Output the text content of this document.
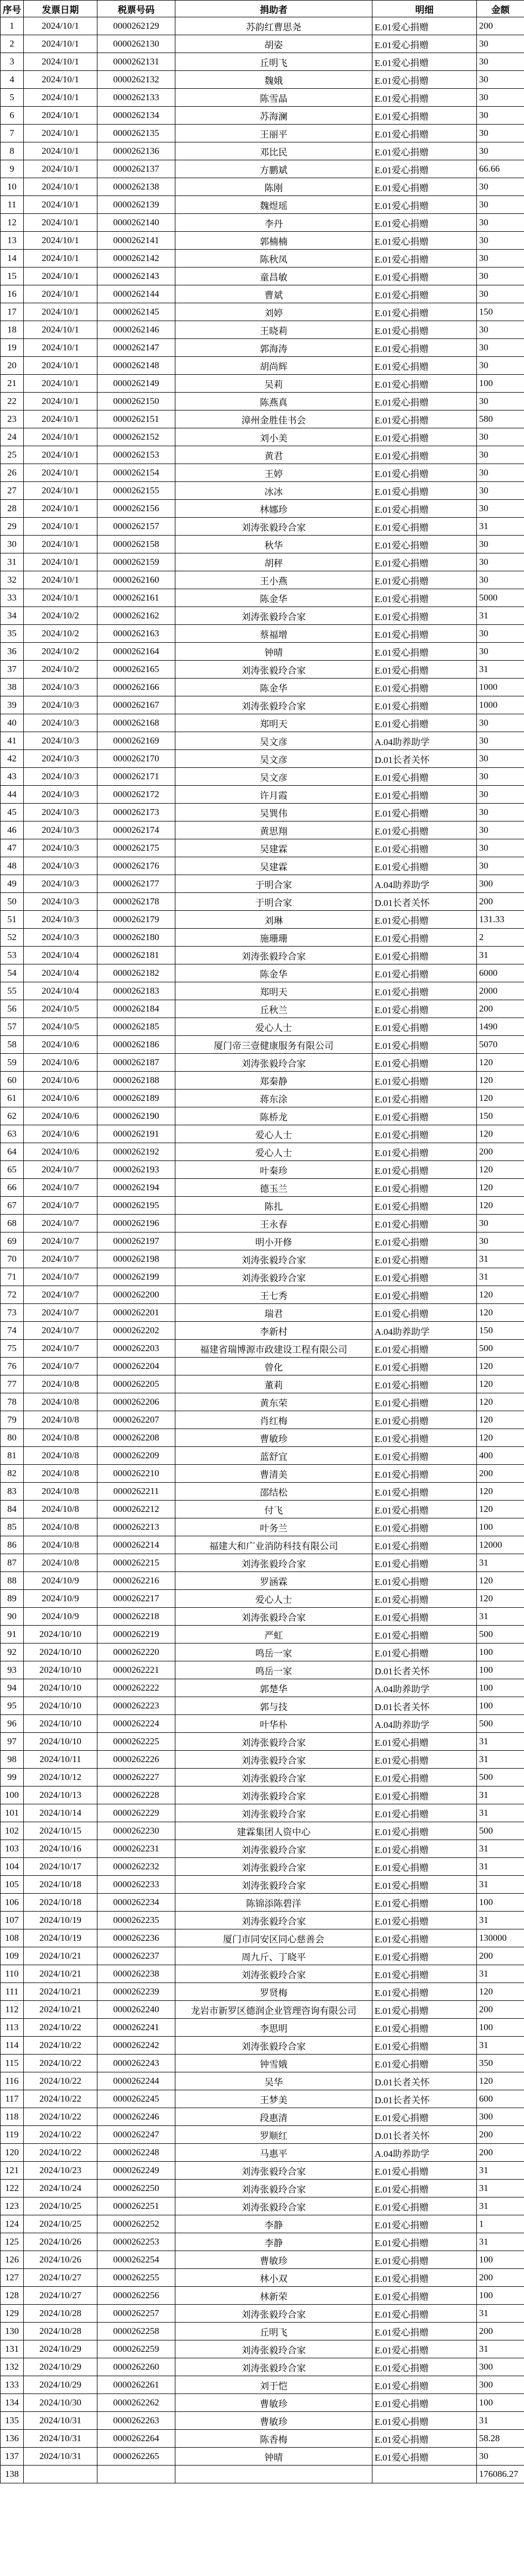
序号	发票日期	税票号码	捐助者	明细	金额
1	2024/10/1	0000262129	苏韵红曹思尧	E.01爱心捐赠	200
2	2024/10/1	0000262130	胡姿	E.01爱心捐赠	30
3	2024/10/1	0000262131	丘明飞	E.01爱心捐赠	30
4	2024/10/1	0000262132	魏娥	E.01爱心捐赠	30
5	2024/10/1	0000262133	陈雪晶	E.01爱心捐赠	30
6	2024/10/1	0000262134	苏海澜	E.01爱心捐赠	30
7	2024/10/1	0000262135	王丽平	E.01爱心捐赠	30
8	2024/10/1	0000262136	邓比民	E.01爱心捐赠	30
9	2024/10/1	0000262137	方鹏斌	E.01爱心捐赠	66.66
10	2024/10/1	0000262138	陈刚	E.01爱心捐赠	30
11	2024/10/1	0000262139	魏煜瑶	E.01爱心捐赠	30
12	2024/10/1	0000262140	李丹	E.01爱心捐赠	30
13	2024/10/1	0000262141	郭楠楠	E.01爱心捐赠	30
14	2024/10/1	0000262142	陈秋凤	E.01爱心捐赠	30
15	2024/10/1	0000262143	童昌敏	E.01爱心捐赠	30
16	2024/10/1	0000262144	曹斌	E.01爱心捐赠	30
17	2024/10/1	0000262145	刘婷	E.01爱心捐赠	150
18	2024/10/1	0000262146	王晓莉	E.01爱心捐赠	30
19	2024/10/1	0000262147	郭海涛	E.01爱心捐赠	30
20	2024/10/1	0000262148	胡尚辉	E.01爱心捐赠	30
21	2024/10/1	0000262149	吴莉	E.01爱心捐赠	100
22	2024/10/1	0000262150	陈燕真	E.01爱心捐赠	30
23	2024/10/1	0000262151	漳州金胜佳书会	E.01爱心捐赠	580
24	2024/10/1	0000262152	刘小美	E.01爱心捐赠	30
25	2024/10/1	0000262153	黄君	E.01爱心捐赠	30
26	2024/10/1	0000262154	王婷	E.01爱心捐赠	30
27	2024/10/1	0000262155	冰冰	E.01爱心捐赠	30
28	2024/10/1	0000262156	林娜珍	E.01爱心捐赠	30
29	2024/10/1	0000262157	刘涛张毅玲合家	E.01爱心捐赠	31
30	2024/10/1	0000262158	秋华	E.01爱心捐赠	30
31	2024/10/1	0000262159	胡秤	E.01爱心捐赠	30
32	2024/10/1	0000262160	王小燕	E.01爱心捐赠	30
33	2024/10/1	0000262161	陈金华	E.01爱心捐赠	5000
34	2024/10/2	0000262162	刘涛张毅玲合家	E.01爱心捐赠	31
35	2024/10/2	0000262163	蔡福增	E.01爱心捐赠	30
36	2024/10/2	0000262164	钟晴	E.01爱心捐赠	30
37	2024/10/2	0000262165	刘涛张毅玲合家	E.01爱心捐赠	31
38	2024/10/3	0000262166	陈金华	E.01爱心捐赠	1000
39	2024/10/3	0000262167	刘涛张毅玲合家	E.01爱心捐赠	1000
40	2024/10/3	0000262168	郑明天	E.01爱心捐赠	30
41	2024/10/3	0000262169	吴文彦	A.04助养助学	30
42	2024/10/3	0000262170	吴文彦	D.01长者关怀	30
43	2024/10/3	0000262171	吴文彦	E.01爱心捐赠	30
44	2024/10/3	0000262172	许月霞	E.01爱心捐赠	30
45	2024/10/3	0000262173	吴巽伟	E.01爱心捐赠	30
46	2024/10/3	0000262174	黄思翔	E.01爱心捐赠	30
47	2024/10/3	0000262175	吴建霖	E.01爱心捐赠	30
48	2024/10/3	0000262176	吴建霖	E.01爱心捐赠	30
49	2024/10/3	0000262177	于明合家	A.04助养助学	300
50	2024/10/3	0000262178	于明合家	D.01长者关怀	200
51	2024/10/3	0000262179	刘琳	E.01爱心捐赠	131.33
52	2024/10/3	0000262180	施珊珊	E.01爱心捐赠	2
53	2024/10/4	0000262181	刘涛张毅玲合家	E.01爱心捐赠	31
54	2024/10/4	0000262182	陈金华	E.01爱心捐赠	6000
55	2024/10/4	0000262183	郑明天	E.01爱心捐赠	2000
56	2024/10/5	0000262184	丘秋兰	E.01爱心捐赠	200
57	2024/10/5	0000262185	爱心人士	E.01爱心捐赠	1490
58	2024/10/6	0000262186	厦门帝三壹健康服务有限公司	E.01爱心捐赠	5070
59	2024/10/6	0000262187	刘涛张毅玲合家	E.01爱心捐赠	120
60	2024/10/6	0000262188	郑秦静	E.01爱心捐赠	120
61	2024/10/6	0000262189	蒋东涂	E.01爱心捐赠	120
62	2024/10/6	0000262190	陈桥龙	E.01爱心捐赠	150
63	2024/10/6	0000262191	爱心人士	E.01爱心捐赠	120
64	2024/10/6	0000262192	爱心人士	E.01爱心捐赠	200
65	2024/10/7	0000262193	叶秦珍	E.01爱心捐赠	120
66	2024/10/7	0000262194	德玉兰	E.01爱心捐赠	120
67	2024/10/7	0000262195	陈扎	E.01爱心捐赠	120
68	2024/10/7	0000262196	王永春	E.01爱心捐赠	30
69	2024/10/7	0000262197	明小开修	E.01爱心捐赠	30
70	2024/10/7	0000262198	刘涛张毅玲合家	E.01爱心捐赠	31
71	2024/10/7	0000262199	刘涛张毅玲合家	E.01爱心捐赠	31
72	2024/10/7	0000262200	王七秀	E.01爱心捐赠	120
73	2024/10/7	0000262201	瑞君	E.01爱心捐赠	120
74	2024/10/7	0000262202	李新村	A.04助养助学	150
75	2024/10/7	0000262203	福建省瑞博源市政建设工程有限公司	E.01爱心捐赠	500
76	2024/10/7	0000262204	曾化	E.01爱心捐赠	120
77	2024/10/8	0000262205	董莉	E.01爱心捐赠	120
78	2024/10/8	0000262206	黄东荣	E.01爱心捐赠	120
79	2024/10/8	0000262207	肖红梅	E.01爱心捐赠	120
80	2024/10/8	0000262208	曹敏珍	E.01爱心捐赠	120
81	2024/10/8	0000262209	蓝舒宜	E.01爱心捐赠	400
82	2024/10/8	0000262210	曹清美	E.01爱心捐赠	200
83	2024/10/8	0000262211	邵结松	E.01爱心捐赠	120
84	2024/10/8	0000262212	付飞	E.01爱心捐赠	120
85	2024/10/8	0000262213	叶务兰	E.01爱心捐赠	100
86	2024/10/8	0000262214	福建大和广业消防科技有限公司	E.01爱心捐赠	12000
87	2024/10/8	0000262215	刘涛张毅玲合家	E.01爱心捐赠	31
88	2024/10/9	0000262216	罗涵霖	E.01爱心捐赠	120
89	2024/10/9	0000262217	爱心人士	E.01爱心捐赠	120
90	2024/10/9	0000262218	刘涛张毅玲合家	E.01爱心捐赠	31
91	2024/10/10	0000262219	严虹	E.01爱心捐赠	500
92	2024/10/10	0000262220	鸣岳一家	E.01爱心捐赠	100
93	2024/10/10	0000262221	鸣岳一家	D.01长者关怀	100
94	2024/10/10	0000262222	郭楚华	A.04助养助学	100
95	2024/10/10	0000262223	郭与技	D.01长者关怀	100
96	2024/10/10	0000262224	叶华朴	A.04助养助学	500
97	2024/10/10	0000262225	刘涛张毅玲合家	E.01爱心捐赠	31
98	2024/10/11	0000262226	刘涛张毅玲合家	E.01爱心捐赠	31
99	2024/10/12	0000262227	刘涛张毅玲合家	E.01爱心捐赠	500
100	2024/10/13	0000262228	刘涛张毅玲合家	E.01爱心捐赠	31
101	2024/10/14	0000262229	刘涛张毅玲合家	E.01爱心捐赠	31
102	2024/10/15	0000262230	建霖集团人资中心	E.01爱心捐赠	500
103	2024/10/16	0000262231	刘涛张毅玲合家	E.01爱心捐赠	31
104	2024/10/17	0000262232	刘涛张毅玲合家	E.01爱心捐赠	31
105	2024/10/18	0000262233	刘涛张毅玲合家	E.01爱心捐赠	31
106	2024/10/18	0000262234	陈锦添陈碧洋	E.01爱心捐赠	100
107	2024/10/19	0000262235	刘涛张毅玲合家	E.01爱心捐赠	31
108	2024/10/19	0000262236	厦门市同安区同心慈善会	E.01爱心捐赠	130000
109	2024/10/21	0000262237	周九斤、丁晓平	E.01爱心捐赠	200
110	2024/10/21	0000262238	刘涛张毅玲合家	E.01爱心捐赠	31
111	2024/10/21	0000262239	罗贤梅	E.01爱心捐赠	120
112	2024/10/21	0000262240	龙岩市新罗区德润企业管理咨询有限公司	E.01爱心捐赠	200
113	2024/10/22	0000262241	李思明	E.01爱心捐赠	100
114	2024/10/22	0000262242	刘涛张毅玲合家	E.01爱心捐赠	31
115	2024/10/22	0000262243	钟雪娥	E.01爱心捐赠	350
116	2024/10/22	0000262244	吴华	D.01长者关怀	120
117	2024/10/22	0000262245	王梦美	D.01长者关怀	600
118	2024/10/22	0000262246	段惠清	E.01爱心捐赠	300
119	2024/10/22	0000262247	罗顺红	D.01长者关怀	200
120	2024/10/22	0000262248	马惠平	A.04助养助学	200
121	2024/10/23	0000262249	刘涛张毅玲合家	E.01爱心捐赠	31
122	2024/10/24	0000262250	刘涛张毅玲合家	E.01爱心捐赠	31
123	2024/10/25	0000262251	刘涛张毅玲合家	E.01爱心捐赠	31
124	2024/10/25	0000262252	李静	E.01爱心捐赠	1
125	2024/10/26	0000262253	李静	E.01爱心捐赠	31
126	2024/10/26	0000262254	曹敏珍	E.01爱心捐赠	100
127	2024/10/27	0000262255	林小双	E.01爱心捐赠	200
128	2024/10/27	0000262256	林新荣	E.01爱心捐赠	100
129	2024/10/28	0000262257	刘涛张毅玲合家	E.01爱心捐赠	31
130	2024/10/28	0000262258	丘明飞	E.01爱心捐赠	200
131	2024/10/29	0000262259	刘涛张毅玲合家	E.01爱心捐赠	31
132	2024/10/29	0000262260	刘涛张毅玲合家	E.01爱心捐赠	300
133	2024/10/29	0000262261	刘于恺	E.01爱心捐赠	300
134	2024/10/30	0000262262	曹敏珍	E.01爱心捐赠	100
135	2024/10/31	0000262263	曹敏珍	E.01爱心捐赠	31
136	2024/10/31	0000262264	陈香梅	E.01爱心捐赠	58.28
137	2024/10/31	0000262265	钟晴	E.01爱心捐赠	30
138					176086.27
